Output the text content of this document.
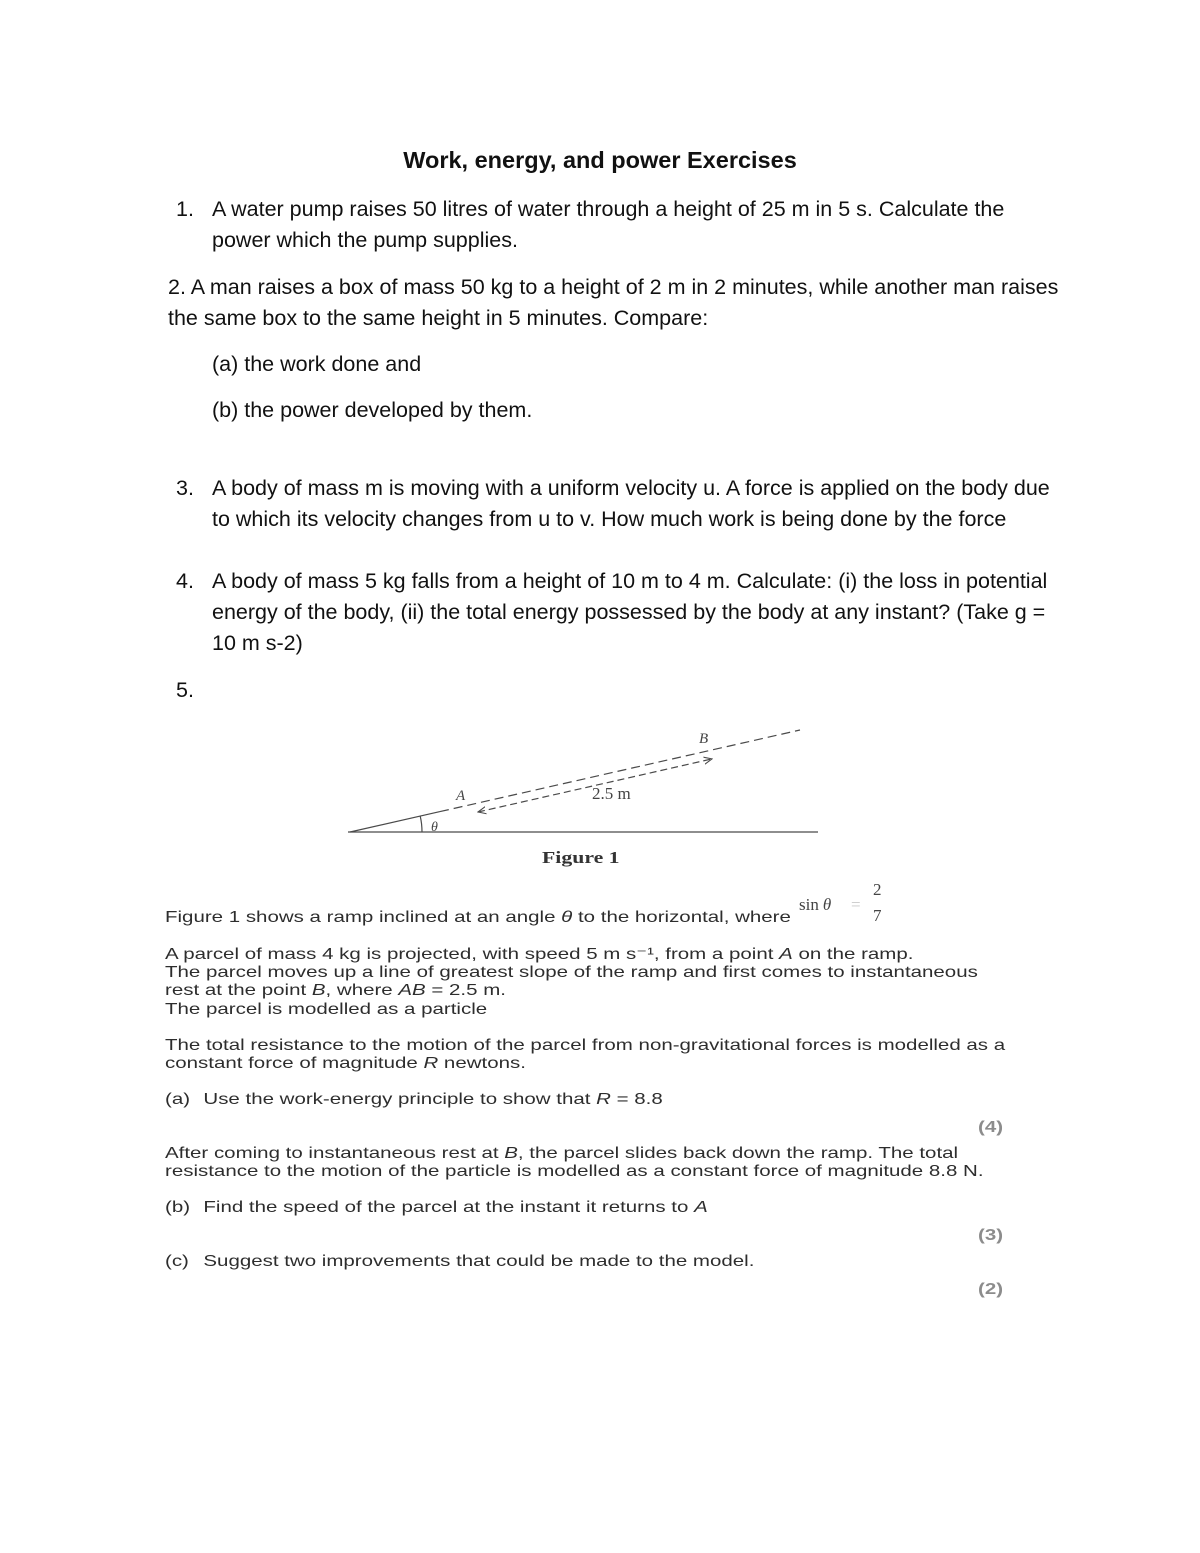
Work, energy, and power Exercises
1. A water pump raises 50 litres of water through a height of 25 m in 5 s. Calculate the
power which the pump supplies.
2. A man raises a box of mass 50 kg to a height of 2 m in 2 minutes, while another man raises
the same box to the same height in 5 minutes. Compare:
(a) the work done and
(b) the power developed by them.
3. A body of mass m is moving with a uniform velocity u. A force is applied on the body due
to which its velocity changes from u to v. How much work is being done by the force
4. A body of mass 5 kg falls from a height of 10 m to 4 m. Calculate: (i) the loss in potential
energy of the body, (ii) the total energy possessed by the body at any instant? (Take g =
10 m s-2)
5.
θ
A
B
2.5 m
Figure 1
sin θ =
2
7
Figure 1 shows a ramp inclined at an angle θ to the horizontal, where
A parcel of mass 4 kg is projected, with speed 5 m s⁻¹, from a point A on the ramp.
The parcel moves up a line of greatest slope of the ramp and first comes to instantaneous
rest at the point B, where AB = 2.5 m.
The parcel is modelled as a particle
The total resistance to the motion of the parcel from non-gravitational forces is modelled as a
constant force of magnitude R newtons.
(a) Use the work-energy principle to show that R = 8.8
(4)
After coming to instantaneous rest at B, the parcel slides back down the ramp. The total
resistance to the motion of the particle is modelled as a constant force of magnitude 8.8 N.
(b) Find the speed of the parcel at the instant it returns to A
(3)
(c) Suggest two improvements that could be made to the model.
(2)
